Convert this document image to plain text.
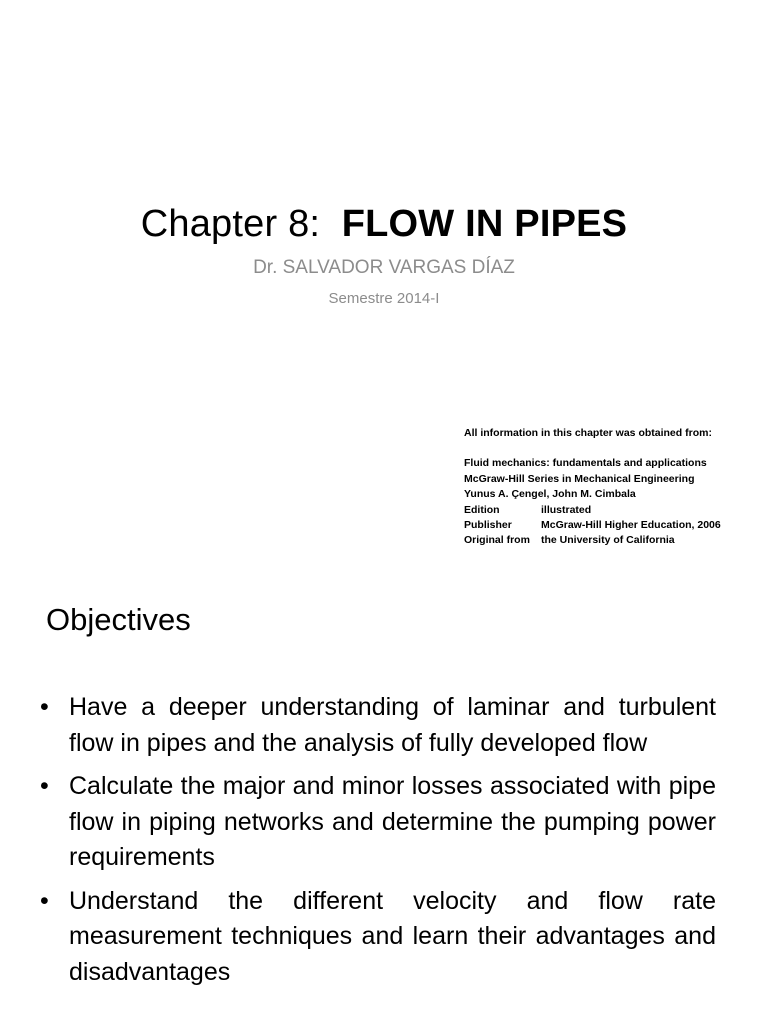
Chapter 8: FLOW IN PIPES
Dr. SALVADOR VARGAS DÍAZ
Semestre 2014-I
All information in this chapter was obtained from:
Fluid mechanics: fundamentals and applications
McGraw-Hill Series in Mechanical Engineering
Yunus A. Çengel, John M. Cimbala
Edition	illustrated
Publisher	McGraw-Hill Higher Education, 2006
Original from the University of California
Objectives
• Have a deeper understanding of laminar and turbulent flow in pipes and the analysis of fully developed flow
• Calculate the major and minor losses associated with pipe flow in piping networks and determine the pumping power requirements
• Understand the different velocity and flow rate measurement techniques and learn their advantages and disadvantages
